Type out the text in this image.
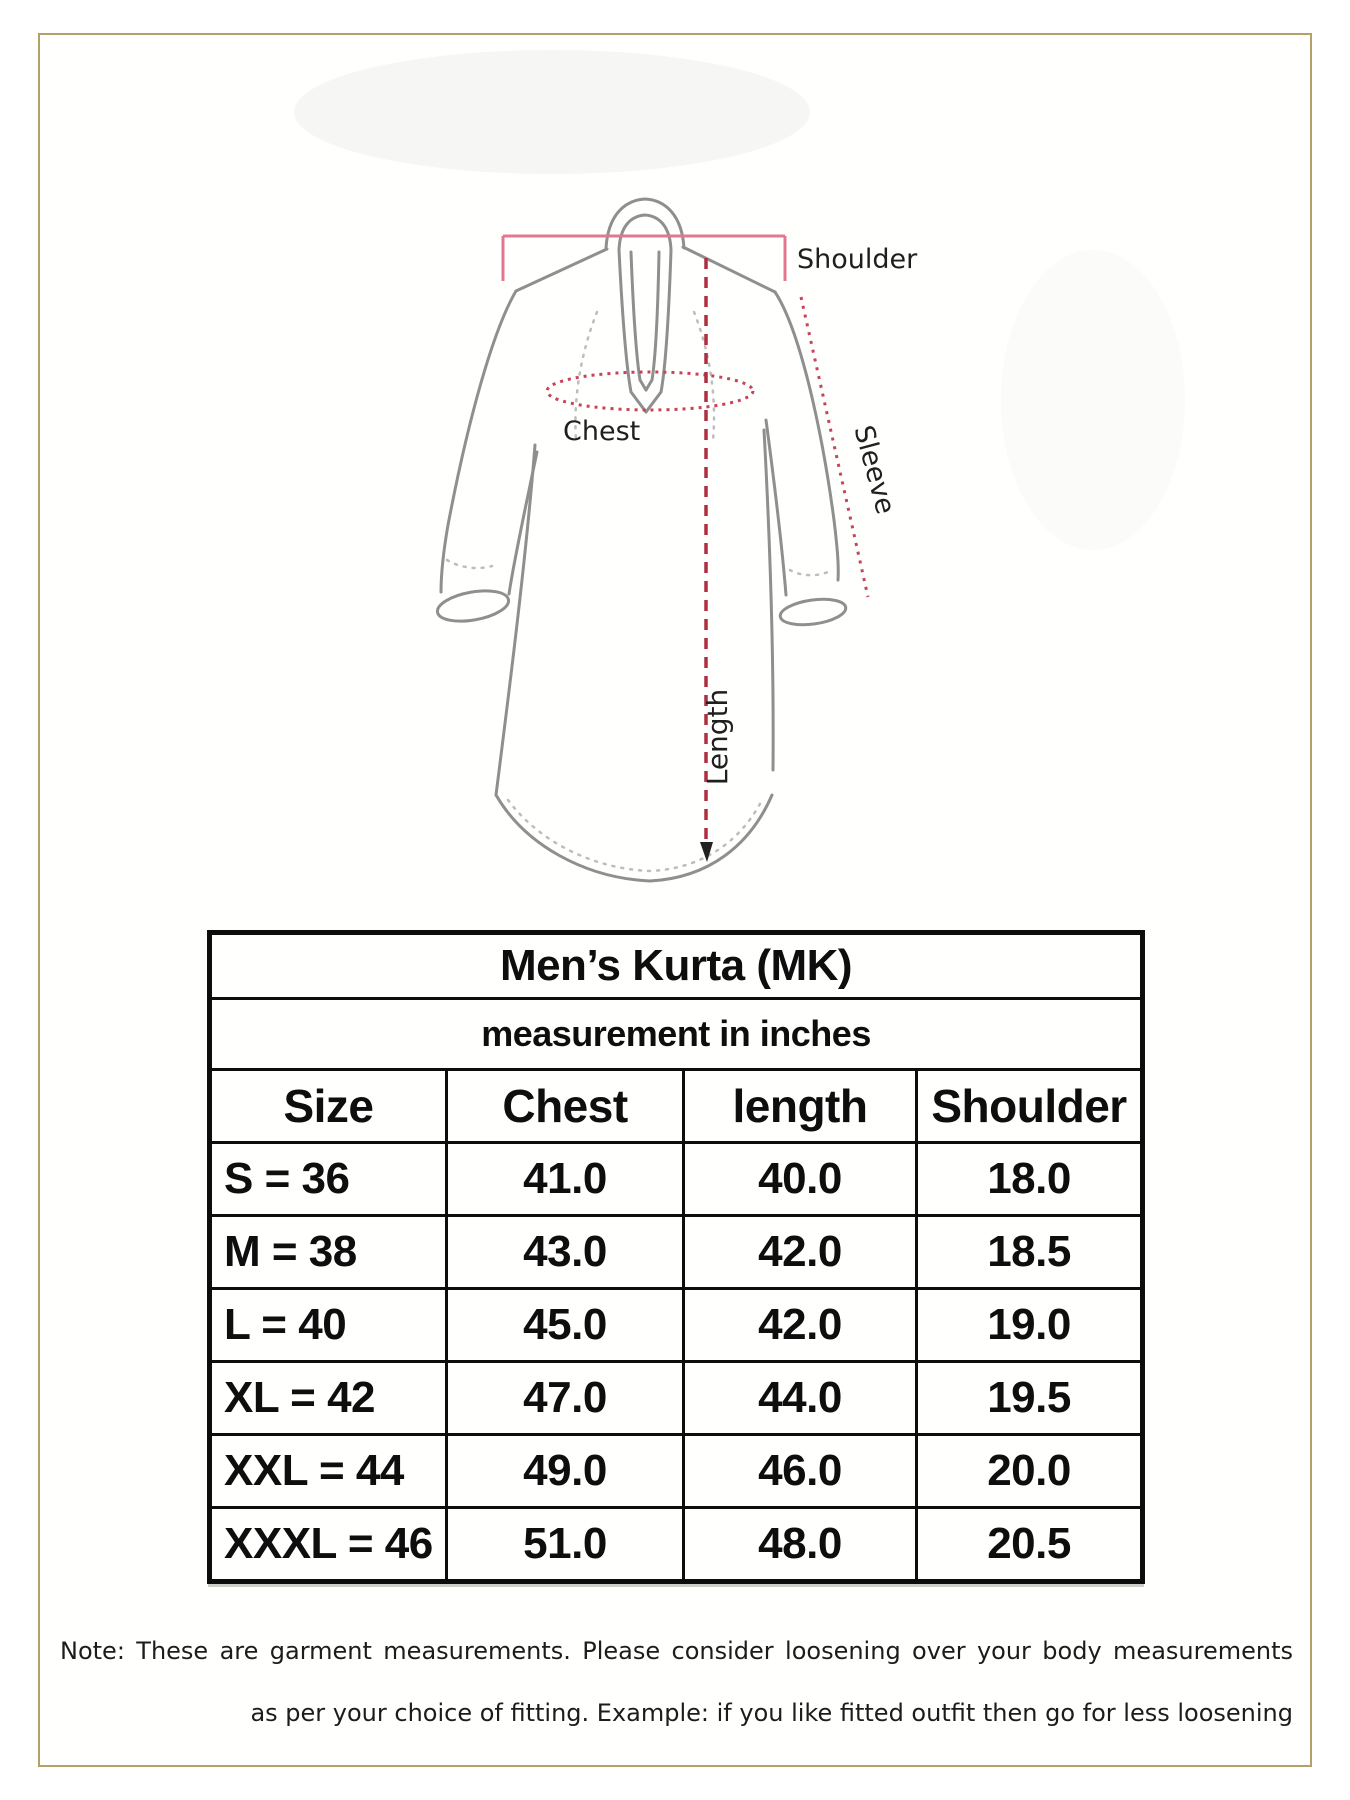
Shoulder
Chest	Sleeve
Length
Men’s Kurta (MK)			
measurement in inches			
Size	Chest	length	Shoulder
S = 36	41.0	40.0	18.0
M = 38	43.0	42.0	18.5
L = 40	45.0	42.0	19.0
XL = 42	47.0	44.0	19.5
XXL = 44	49.0	46.0	20.0
XXXL = 46	51.0	48.0	20.5
Note: These are garment measurements. Please consider loosening over your body measurements
as per your choice of fitting. Example: if you like fitted outfit then go for less loosening
